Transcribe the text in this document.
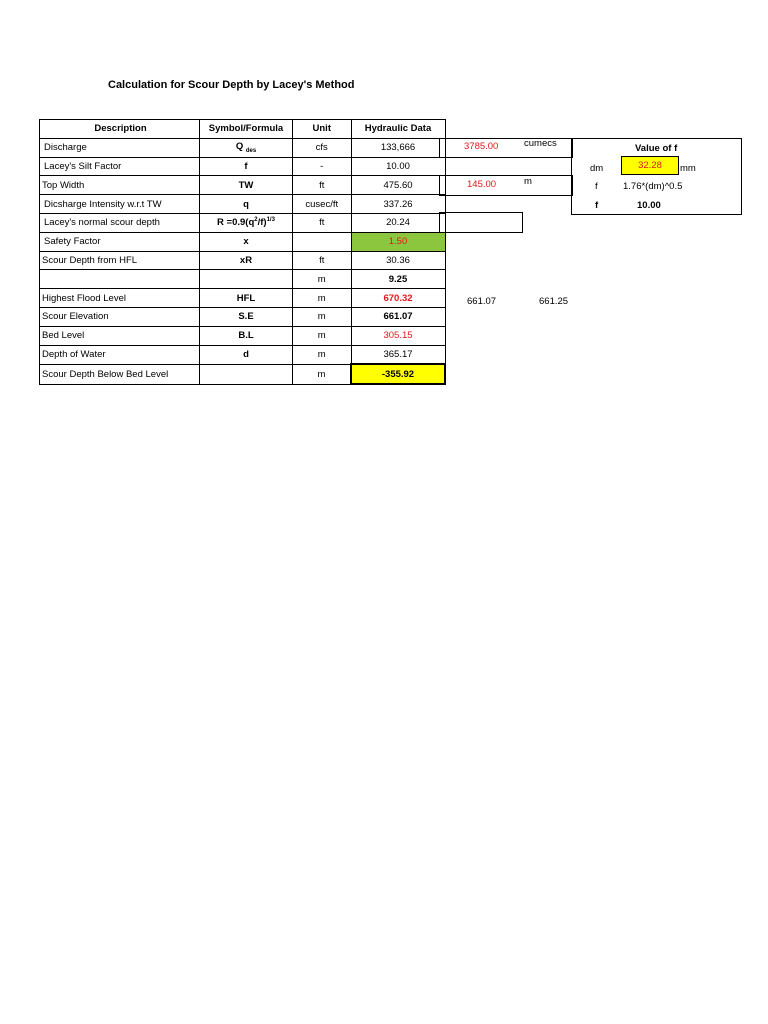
Calculation for Scour Depth by Lacey's Method
Description	Symbol/Formula	Unit	Hydraulic Data
Discharge	Q $_{des}$	cfs	133,666
Lacey's Silt Factor	f	-	10.00
Top Width	TW	ft	475.60
Dicsharge Intensity w.r.t TW	q	cusec/ft	337.26
Lacey's normal scour depth	$R =0.9(q^2/f)^{1/3}$	ft	20.24
Safety Factor	x		1.50
Scour Depth from HFL	xR	ft	30.36
		m	9.25
Highest Flood Level	HFL	m	670.32
Scour Elevation	S.E	m	661.07
Bed Level	B.L	m	305.15
Depth of Water	d	m	365.17
Scour Depth Below Bed Level		m	-355.92
3785.00	cumecs
145.00	m
661.07	661.25
Value of f
dm	32.28	mm
f	1.76*(dm)^0.5
f	10.00
